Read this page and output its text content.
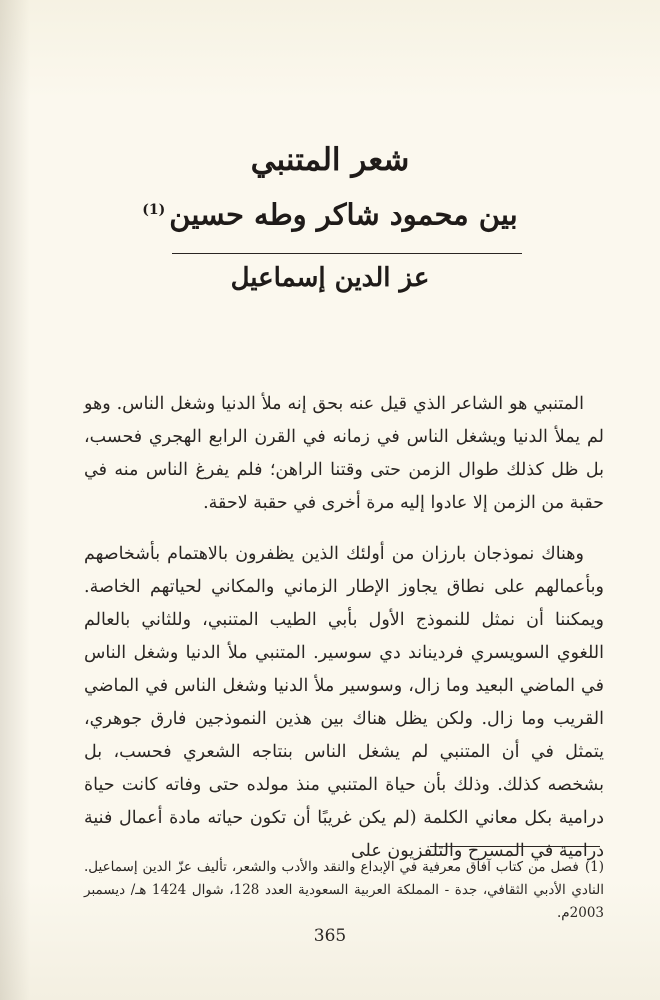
شعر المتنبي
بين محمود شاكر وطه حسين$^{(1)}$
عز الدين إسماعيل

المتنبي هو الشاعر الذي قيل عنه بحق إنه ملأ الدنيا وشغل الناس. وهو لم يملأ الدنيا ويشغل الناس في زمانه في القرن الرابع الهجري فحسب، بل ظل كذلك طوال الزمن حتى وقتنا الراهن؛ فلم يفرغ الناس منه في حقبة من الزمن إلا عادوا إليه مرة أخرى في حقبة لاحقة.

وهناك نموذجان بارزان من أولئك الذين يظفرون بالاهتمام بأشخاصهم وبأعمالهم على نطاق يجاوز الإطار الزماني والمكاني لحياتهم الخاصة. ويمكننا أن نمثل للنموذج الأول بأبي الطيب المتنبي، وللثاني بالعالم اللغوي السويسري فرديناند دي سوسير. المتنبي ملأ الدنيا وشغل الناس في الماضي البعيد وما زال، وسوسير ملأ الدنيا وشغل الناس في الماضي القريب وما زال. ولكن يظل هناك بين هذين النموذجين فارق جوهري، يتمثل في أن المتنبي لم يشغل الناس بنتاجه الشعري فحسب، بل بشخصه كذلك. وذلك بأن حياة المتنبي منذ مولده حتى وفاته كانت حياة درامية بكل معاني الكلمة (لم يكن غريبًا أن تكون حياته مادة أعمال فنية درامية في المسرح والتلفزيون على

(1)فصل من كتاب آفاق معرفية في الإبداع والنقد والأدب والشعر، تأليف عزّ الدين إسماعيل. النادي الأدبي الثقافي، جدة - المملكة العربية السعودية العدد 128، شوال 1424 هـ/ ديسمبر 2003م.

365
